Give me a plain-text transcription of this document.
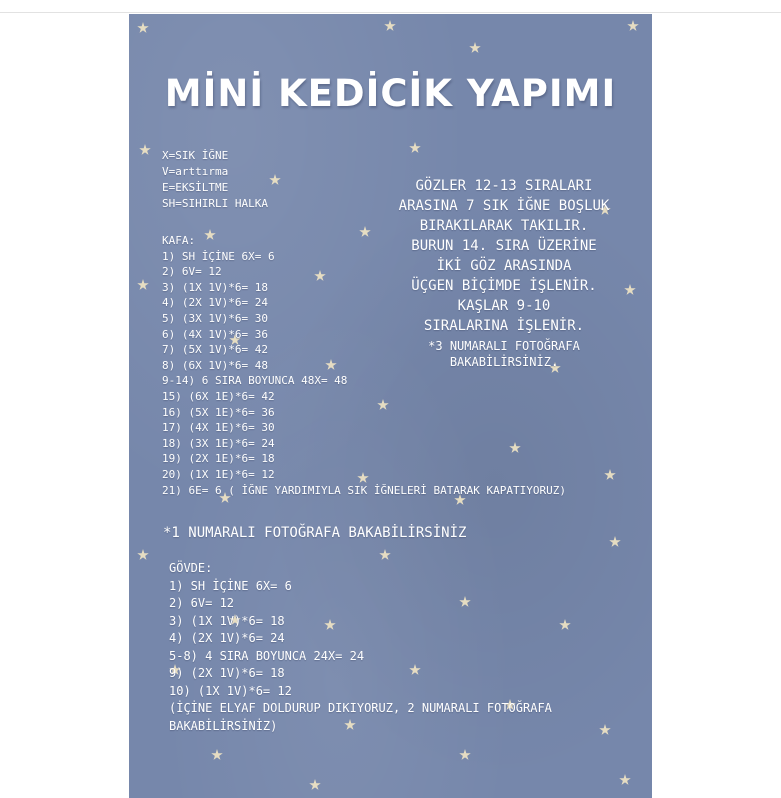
MİNİ KEDİCİK YAPIMI
X=SIK İĞNE
V=arttırma
E=EKSİLTME
SH=SIHIRLI HALKA
KAFA:
1) SH İÇİNE 6X= 6
2) 6V= 12
3) (1X 1V)*6= 18
4) (2X 1V)*6= 24
5) (3X 1V)*6= 30
6) (4X 1V)*6= 36
7) (5X 1V)*6= 42
8) (6X 1V)*6= 48
9-14) 6 SIRA BOYUNCA 48X= 48
15) (6X 1E)*6= 42
16) (5X 1E)*6= 36
17) (4X 1E)*6= 30
18) (3X 1E)*6= 24
19) (2X 1E)*6= 18
20) (1X 1E)*6= 12
21) 6E= 6 ( İĞNE YARDIMIYLA SIK İĞNELERİ BATARAK KAPATIYORUZ)
*1 NUMARALI FOTOĞRAFA BAKABİLİRSİNİZ
GÖVDE:
1) SH İÇİNE 6X= 6
2) 6V= 12
3) (1X 1V)*6= 18
4) (2X 1V)*6= 24
5-8) 4 SIRA BOYUNCA 24X= 24
9) (2X 1V)*6= 18
10) (1X 1V)*6= 12
(İÇİNE ELYAF DOLDURUP DIKIYORUZ, 2 NUMARALI FOTOĞRAFA
BAKABİLİRSİNİZ)
GÖZLER 12-13 SIRALARI
ARASINA 7 SIK İĞNE BOŞLUK
BIRAKILARAK TAKILIR.
BURUN 14. SIRA ÜZERİNE
İKİ GÖZ ARASINDA
ÜÇGEN BİÇİMDE İŞLENİR.
KAŞLAR 9-10
SIRALARINA İŞLENİR.
*3 NUMARALI FOTOĞRAFA
BAKABİLİRSİNİZ.
